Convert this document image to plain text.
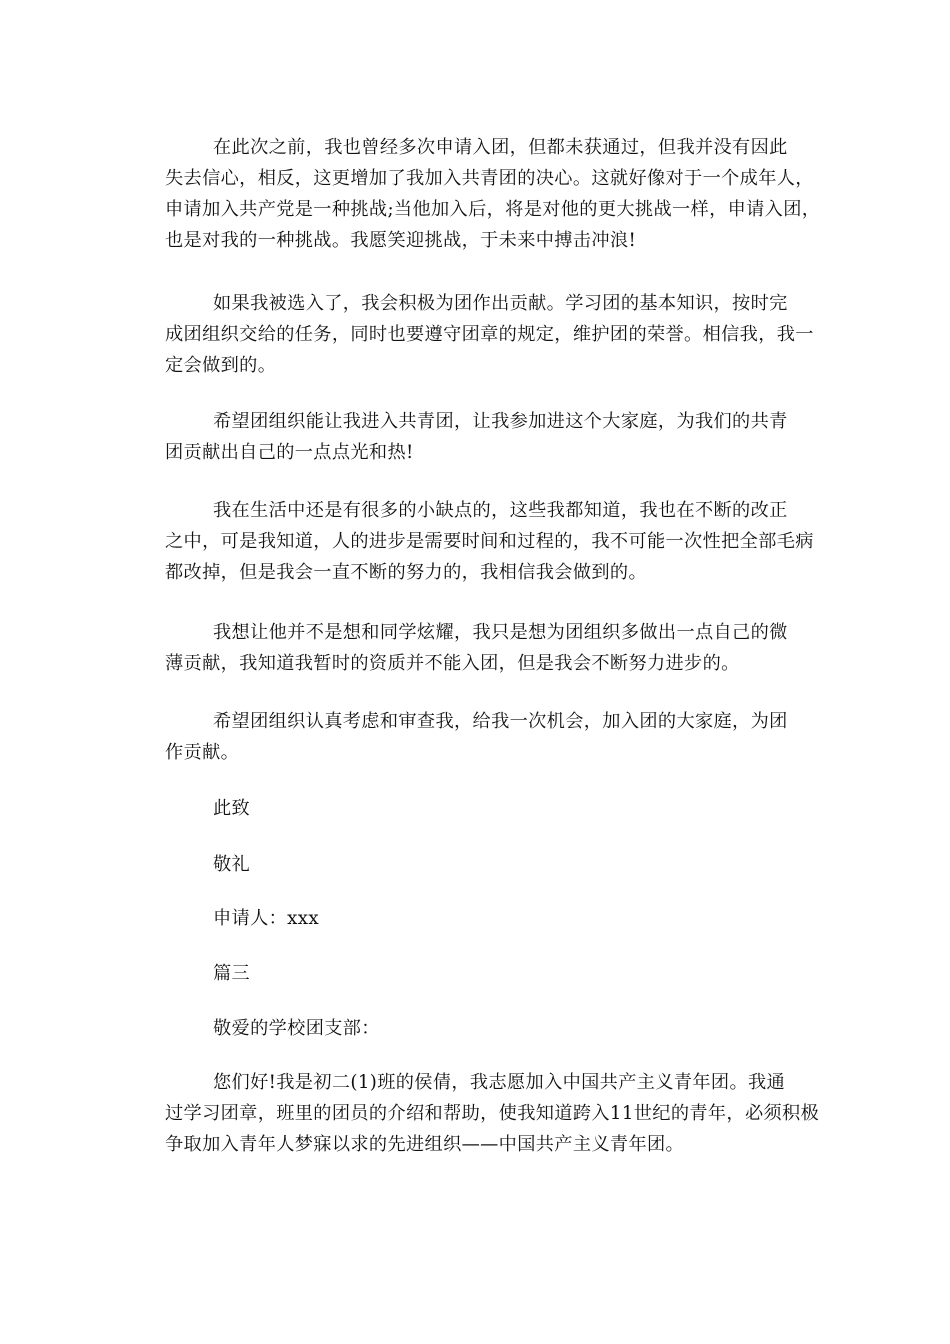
在此次之前，我也曾经多次申请入团，但都未获通过，但我并没有因此
失去信心，相反，这更增加了我加入共青团的决心。这就好像对于一个成年人，
申请加入共产党是一种挑战;当他加入后，将是对他的更大挑战一样，申请入团，
也是对我的一种挑战。我愿笑迎挑战，于未来中搏击冲浪!
如果我被选入了，我会积极为团作出贡献。学习团的基本知识，按时完
成团组织交给的任务，同时也要遵守团章的规定，维护团的荣誉。相信我，我一
定会做到的。
希望团组织能让我进入共青团，让我参加进这个大家庭，为我们的共青
团贡献出自己的一点点光和热!
我在生活中还是有很多的小缺点的，这些我都知道，我也在不断的改正
之中，可是我知道，人的进步是需要时间和过程的，我不可能一次性把全部毛病
都改掉，但是我会一直不断的努力的，我相信我会做到的。
我想让他并不是想和同学炫耀，我只是想为团组织多做出一点自己的微
薄贡献，我知道我暂时的资质并不能入团，但是我会不断努力进步的。
希望团组织认真考虑和审查我，给我一次机会，加入团的大家庭，为团
作贡献。
此致
敬礼
申请人：xxx
篇三
敬爱的学校团支部：
您们好!我是初二(1)班的侯倩，我志愿加入中国共产主义青年团。我通
过学习团章，班里的团员的介绍和帮助，使我知道跨入11世纪的青年，必须积极
争取加入青年人梦寐以求的先进组织——中国共产主义青年团。
